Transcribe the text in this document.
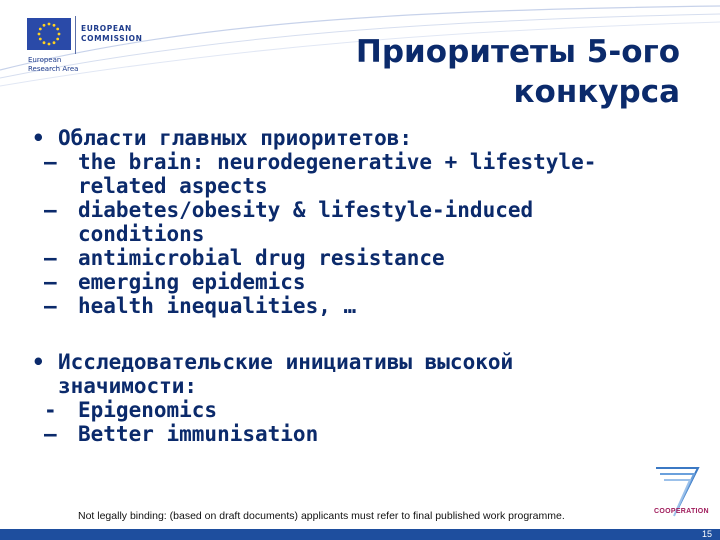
EUROPEAN
COMMISSION
European
Research Area	Приоритеты 5-ого
конкурса
• Области главных приоритетов:
–	the brain: neurodegenerative + lifestyle-
related aspects
–	diabetes/obesity & lifestyle-induced
conditions
–	antimicrobial drug resistance
–	emerging epidemics
–	health inequalities, …
• Исследовательские инициативы высокой
значимости:
-	Epigenomics
–	Better immunisation
Not legally binding: (based on draft documents) applicants must refer to final published work programme.	COOPERATION
15
